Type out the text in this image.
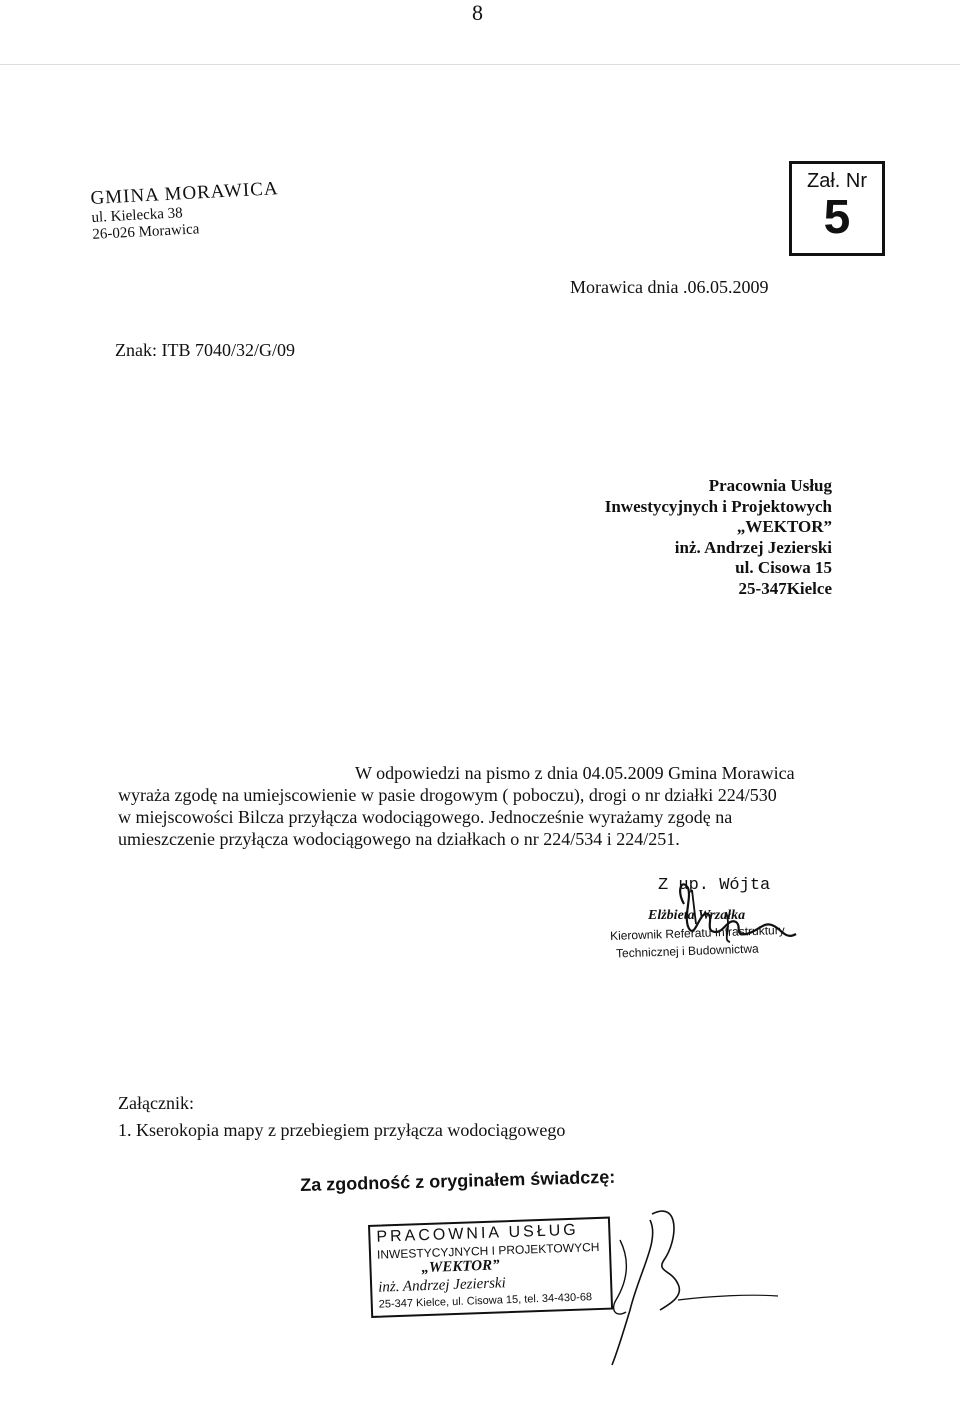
8
GMINA MORAWICA
ul. Kielecka 38
26-026 Morawica
Zał. Nr
5
Morawica dnia .06.05.2009
Znak: ITB 7040/32/G/09
Pracownia Usług
Inwestycyjnych i Projektowych
„WEKTOR”
inż. Andrzej Jezierski
ul. Cisowa 15
25-347Kielce
W odpowiedzi na pismo z dnia 04.05.2009 Gmina Morawica
wyraża zgodę na umiejscowienie w pasie drogowym ( poboczu), drogi o nr działki 224/530
w miejscowości Bilcza przyłącza wodociągowego. Jednocześnie wyrażamy zgodę na
umieszczenie przyłącza wodociągowego na działkach o nr 224/534 i 224/251.
Z up. Wójta
Elżbieta Wrzałka
Kierownik Referatu Infrastruktury
Technicznej i Budownictwa
Załącznik:
1. Kserokopia mapy z przebiegiem przyłącza wodociągowego
Za zgodność z oryginałem świadczę:
PRACOWNIA USŁUG
INWESTYCYJNYCH I PROJEKTOWYCH
„WEKTOR”
inż. Andrzej Jezierski
25-347 Kielce, ul. Cisowa 15, tel. 34-430-68
